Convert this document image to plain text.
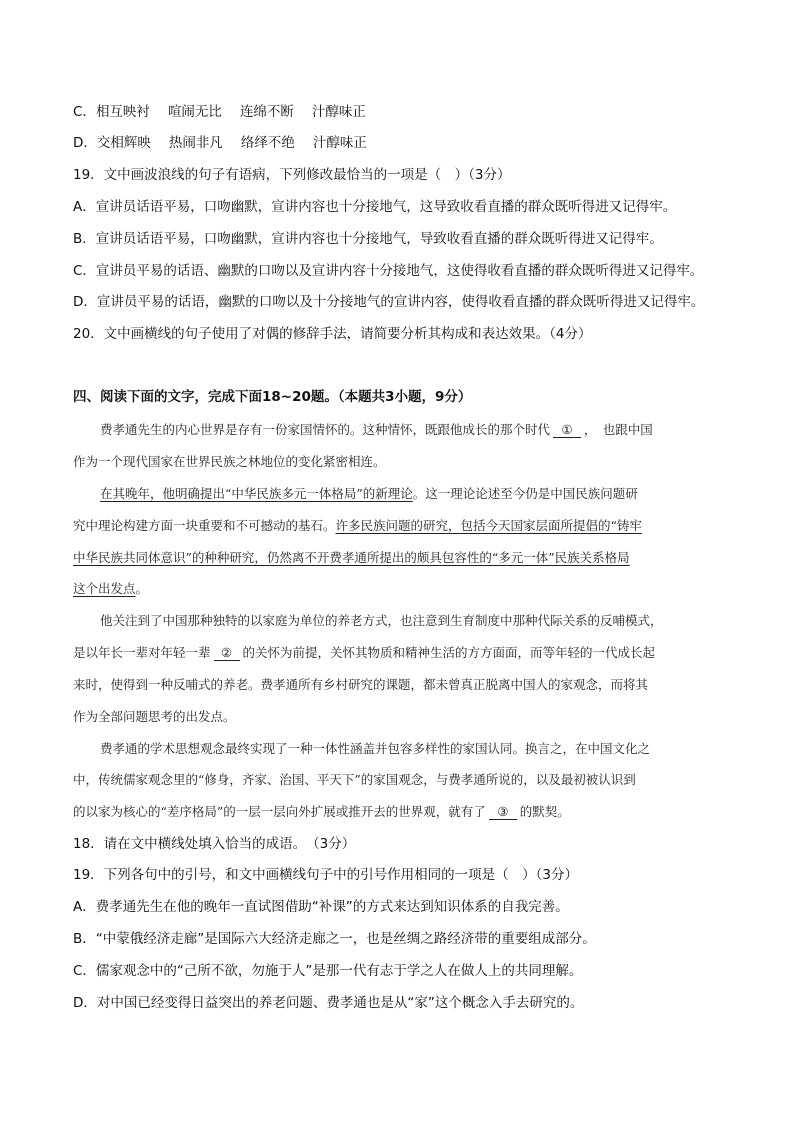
C．相互映衬 喧闹无比 连绵不断 汁醇味正
D．交相辉映 热闹非凡 络绎不绝 汁醇味正
19．文中画波浪线的句子有语病，下列修改最恰当的一项是（　）（3分）
A．宣讲员话语平易，口吻幽默，宣讲内容也十分接地气，这导致收看直播的群众既听得进又记得牢。
B．宣讲员话语平易，口吻幽默，宣讲内容也十分接地气，导致收看直播的群众既听得进又记得牢。
C．宣讲员平易的话语、幽默的口吻以及宣讲内容十分接地气，这使得收看直播的群众既听得进又记得牢。
D．宣讲员平易的话语，幽默的口吻以及十分接地气的宣讲内容，使得收看直播的群众既听得进又记得牢。
20．文中画横线的句子使用了对偶的修辞手法，请简要分析其构成和表达效果。（4分）
四、阅读下面的文字，完成下面18~20题。（本题共3小题，9分）
费孝通先生的内心世界是存有一份家国情怀的。这种情怀，既跟他成长的那个时代 ① ，　也跟中国
作为一个现代国家在世界民族之林地位的变化紧密相连。
在其晚年，他明确提出“中华民族多元一体格局”的新理论。这一理论论述至今仍是中国民族问题研
究中理论构建方面一块重要和不可撼动的基石。许多民族问题的研究，包括今天国家层面所提倡的“铸牢
中华民族共同体意识”的种种研究，仍然离不开费孝通所提出的颇具包容性的“多元一体”民族关系格局
这个出发点。
他关注到了中国那种独特的以家庭为单位的养老方式，也注意到生育制度中那种代际关系的反哺模式，
是以年长一辈对年轻一辈 ② 的关怀为前提，关怀其物质和精神生活的方方面面，而等年轻的一代成长起
来时，使得到一种反哺式的养老。费孝通所有乡村研究的课题，都未曾真正脱离中国人的家观念，而将其
作为全部问题思考的出发点。
费孝通的学术思想观念最终实现了一种一体性涵盖并包容多样性的家国认同。换言之，在中国文化之
中，传统儒家观念里的“修身，齐家、治国、平天下”的家国观念，与费孝通所说的，以及最初被认识到
的以家为核心的“差序格局”的一层一层向外扩展或推开去的世界观，就有了 ③ 的默契。
18．请在文中横线处填入恰当的成语。　（3分）
19．下列各句中的引号，和文中画横线句子中的引号作用相同的一项是（　）（3分）
A．费孝通先生在他的晚年一直试图借助“补课”的方式来达到知识体系的自我完善。
B．“中蒙俄经济走廊”是国际六大经济走廊之一，也是丝绸之路经济带的重要组成部分。
C．儒家观念中的“己所不欲，勿施于人”是那一代有志于学之人在做人上的共同理解。
D．对中国已经变得日益突出的养老问题、费孝通也是从“家”这个概念入手去研究的。
